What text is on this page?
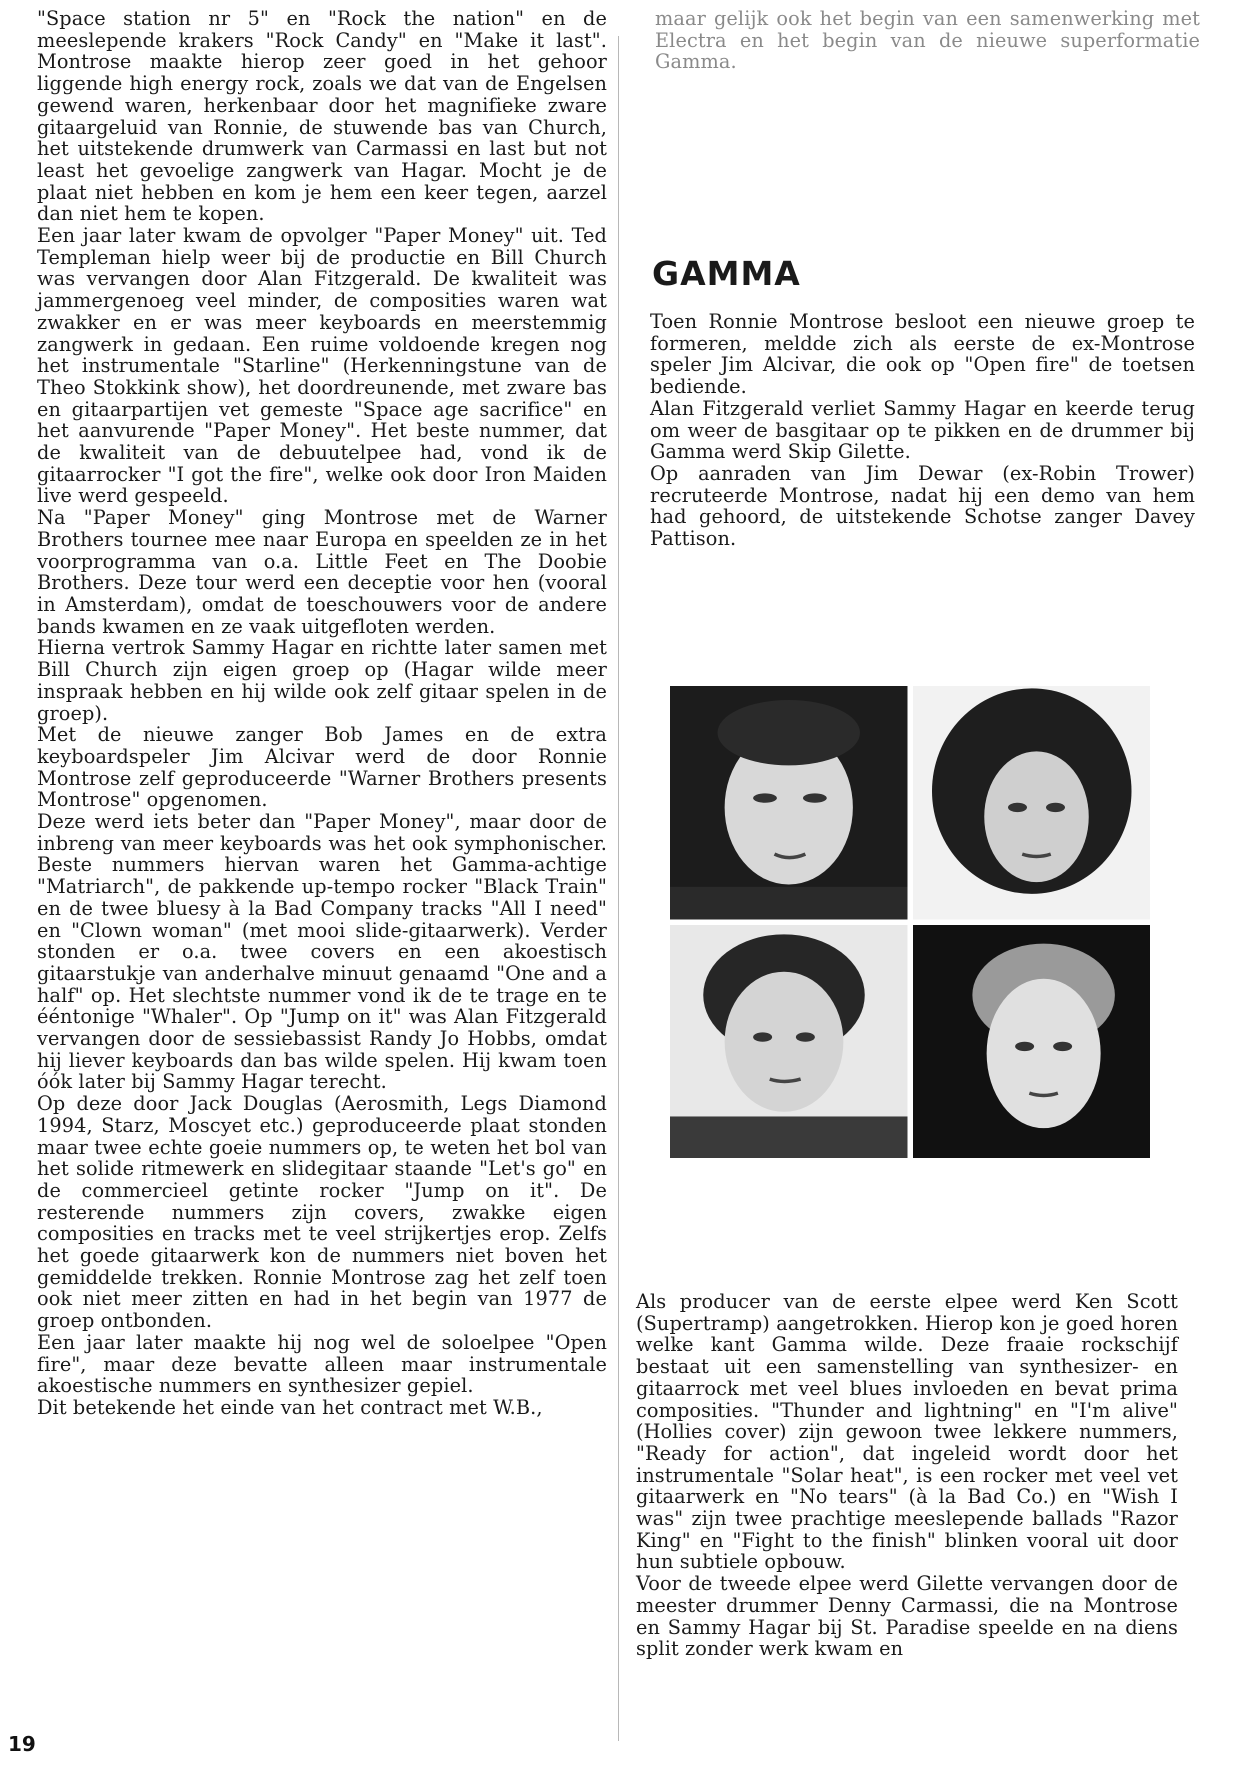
"Space station nr 5" en "Rock the nation" en de meeslepende krakers "Rock Candy" en "Make it last". Montrose maakte hierop zeer goed in het gehoor liggende high energy rock, zoals we dat van de Engelsen gewend waren, herkenbaar door het magnifieke zware gitaargeluid van Ronnie, de stuwende bas van Church, het uitstekende drumwerk van Carmassi en last but not least het gevoelige zangwerk van Hagar. Mocht je de plaat niet hebben en kom je hem een keer tegen, aarzel dan niet hem te kopen.

Een jaar later kwam de opvolger "Paper Money" uit. Ted Templeman hielp weer bij de productie en Bill Church was vervangen door Alan Fitzgerald. De kwaliteit was jammergenoeg veel minder, de composities waren wat zwakker en er was meer keyboards en meerstemmig zangwerk in gedaan. Een ruime voldoende kregen nog het instrumentale "Starline" (Herkenningstune van de Theo Stokkink show), het doordreunende, met zware bas en gitaarpartijen vet gemeste "Space age sacrifice" en het aanvurende "Paper Money". Het beste nummer, dat de kwaliteit van de debuutelpee had, vond ik de gitaarrocker "I got the fire", welke ook door Iron Maiden live werd gespeeld.

Na "Paper Money" ging Montrose met de Warner Brothers tournee mee naar Europa en speelden ze in het voorprogramma van o.a. Little Feet en The Doobie Brothers. Deze tour werd een deceptie voor hen (vooral in Amsterdam), omdat de toeschouwers voor de andere bands kwamen en ze vaak uitgefloten werden.

Hierna vertrok Sammy Hagar en richtte later samen met Bill Church zijn eigen groep op (Hagar wilde meer inspraak hebben en hij wilde ook zelf gitaar spelen in de groep).

Met de nieuwe zanger Bob James en de extra keyboardspeler Jim Alcivar werd de door Ronnie Montrose zelf geproduceerde "Warner Brothers presents Montrose" opgenomen.

Deze werd iets beter dan "Paper Money", maar door de inbreng van meer keyboards was het ook symphonischer. Beste nummers hiervan waren het Gamma-achtige "Matriarch", de pakkende up-tempo rocker "Black Train" en de twee bluesy à la Bad Company tracks "All I need" en "Clown woman" (met mooi slide-gitaarwerk). Verder stonden er o.a. twee covers en een akoestisch gitaarstukje van anderhalve minuut genaamd "One and a half" op. Het slechtste nummer vond ik de te trage en te ééntonige "Whaler". Op "Jump on it" was Alan Fitzgerald vervangen door de sessiebassist Randy Jo Hobbs, omdat hij liever keyboards dan bas wilde spelen. Hij kwam toen óók later bij Sammy Hagar terecht.

Op deze door Jack Douglas (Aerosmith, Legs Diamond 1994, Starz, Moscyet etc.) geproduceerde plaat stonden maar twee echte goeie nummers op, te weten het bol van het solide ritmewerk en slidegitaar staande "Let's go" en de commercieel getinte rocker "Jump on it". De resterende nummers zijn covers, zwakke eigen composities en tracks met te veel strijkertjes erop. Zelfs het goede gitaarwerk kon de nummers niet boven het gemiddelde trekken. Ronnie Montrose zag het zelf toen ook niet meer zitten en had in het begin van 1977 de groep ontbonden.

Een jaar later maakte hij nog wel de soloelpee "Open fire", maar deze bevatte alleen maar instrumentale akoestische nummers en synthesizer gepiel.

Dit betekende het einde van het contract met W.B.,

maar gelijk ook het begin van een samenwerking met Electra en het begin van de nieuwe superformatie Gamma.

GAMMA

Toen Ronnie Montrose besloot een nieuwe groep te formeren, meldde zich als eerste de ex-Montrose speler Jim Alcivar, die ook op "Open fire" de toetsen bediende.

Alan Fitzgerald verliet Sammy Hagar en keerde terug om weer de basgitaar op te pikken en de drummer bij Gamma werd Skip Gilette.

Op aanraden van Jim Dewar (ex-Robin Trower) recruteerde Montrose, nadat hij een demo van hem had gehoord, de uitstekende Schotse zanger Davey Pattison.

Als producer van de eerste elpee werd Ken Scott (Supertramp) aangetrokken. Hierop kon je goed horen welke kant Gamma wilde. Deze fraaie rockschijf bestaat uit een samenstelling van synthesizer- en gitaarrock met veel blues invloeden en bevat prima composities. "Thunder and lightning" en "I'm alive" (Hollies cover) zijn gewoon twee lekkere nummers, "Ready for action", dat ingeleid wordt door het instrumentale "Solar heat", is een rocker met veel vet gitaarwerk en "No tears" (à la Bad Co.) en "Wish I was" zijn twee prachtige meeslepende ballads "Razor King" en "Fight to the finish" blinken vooral uit door hun subtiele opbouw.

Voor de tweede elpee werd Gilette vervangen door de meester drummer Denny Carmassi, die na Montrose en Sammy Hagar bij St. Paradise speelde en na diens split zonder werk kwam en

19
